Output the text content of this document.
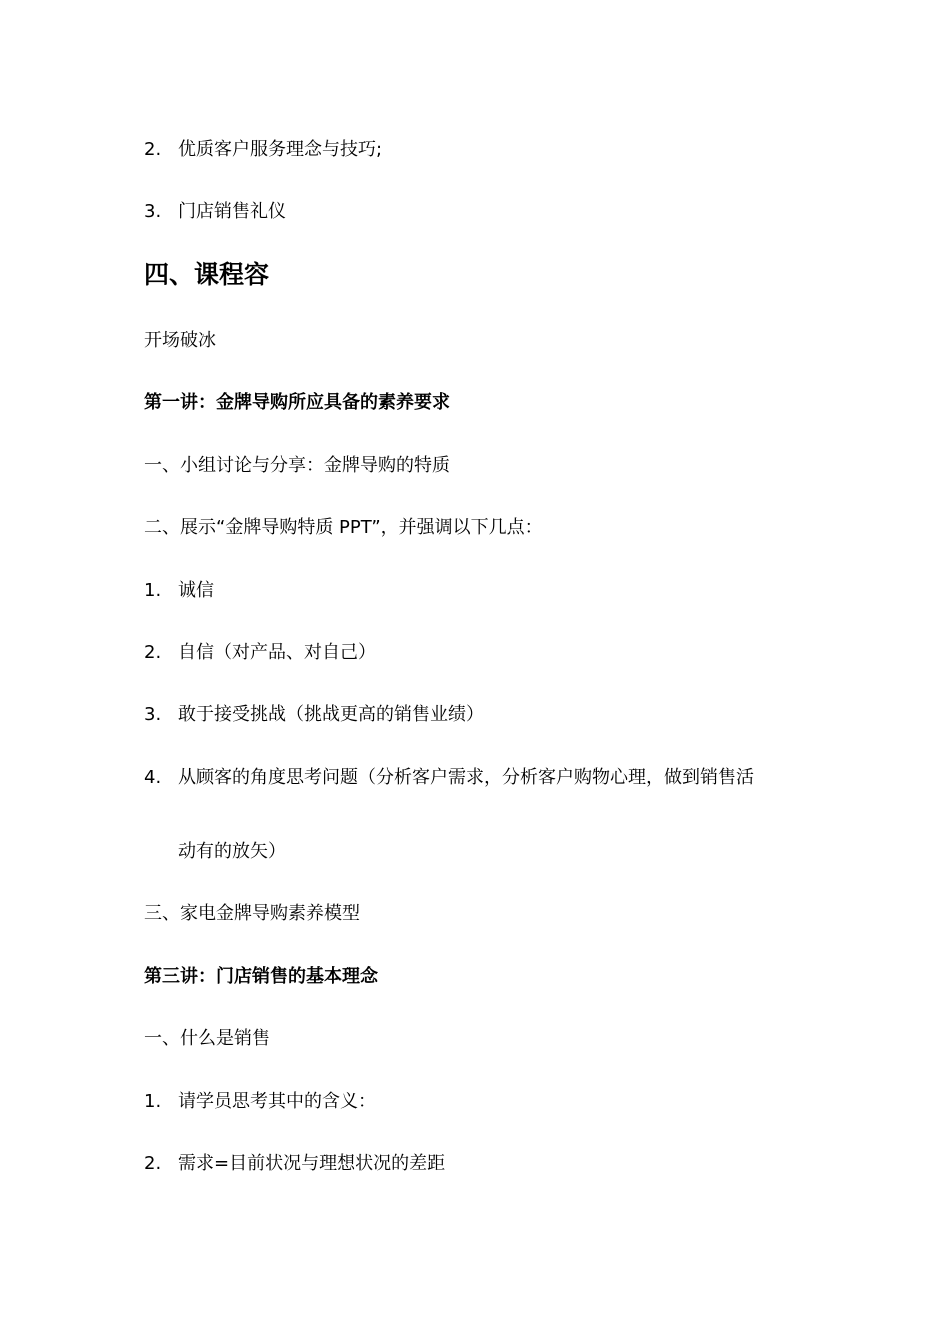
2. 优质客户服务理念与技巧;
3. 门店销售礼仪
四、课程容
开场破冰
第一讲：金牌导购所应具备的素养要求
一、小组讨论与分享：金牌导购的特质
二、展示“金牌导购特质 PPT”，并强调以下几点：
1. 诚信
2. 自信（对产品、对自己）
3. 敢于接受挑战（挑战更高的销售业绩）
4. 从顾客的角度思考问题（分析客户需求，分析客户购物心理，做到销售活
动有的放矢）
三、家电金牌导购素养模型
第三讲：门店销售的基本理念
一、什么是销售
1. 请学员思考其中的含义：
2. 需求=目前状况与理想状况的差距
